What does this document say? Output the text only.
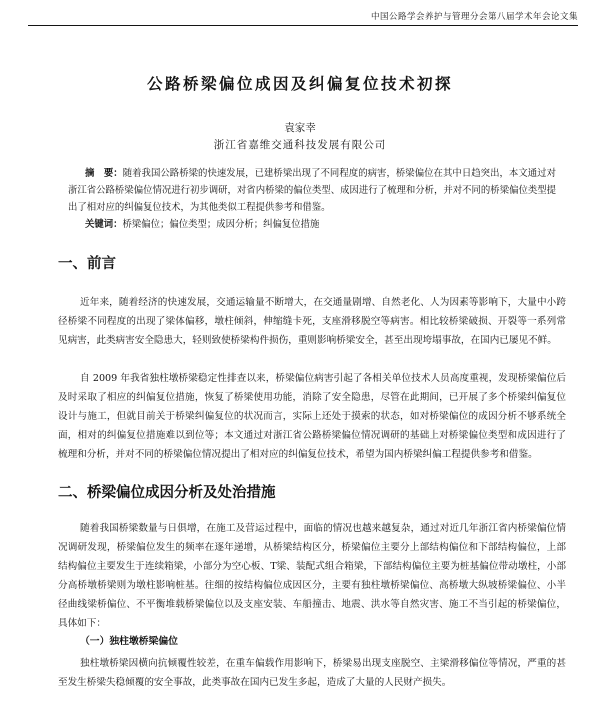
中国公路学会养护与管理分会第八届学术年会论文集
公路桥梁偏位成因及纠偏复位技术初探
袁家幸
浙江省嘉维交通科技发展有限公司

摘　要：随着我国公路桥梁的快速发展，已建桥梁出现了不同程度的病害，桥梁偏位在其中日趋突出，本文通过对浙江省公路桥梁偏位情况进行初步调研，对省内桥梁的偏位类型、成因进行了梳理和分析，并对不同的桥梁偏位类型提出了相对应的纠偏复位技术，为其他类似工程提供参考和借鉴。

关键词：桥梁偏位；偏位类型；成因分析；纠偏复位措施

一、前言

近年来，随着经济的快速发展，交通运输量不断增大，在交通量剧增、自然老化、人为因素等影响下，大量中小跨径桥梁不同程度的出现了梁体偏移，墩柱倾斜，伸缩缝卡死，支座滑移脱空等病害。相比较桥梁破损、开裂等一系列常见病害，此类病害安全隐患大，轻则致使桥梁构件损伤，重则影响桥梁安全，甚至出现垮塌事故，在国内已屡见不鲜。

自 2009 年我省独柱墩桥梁稳定性排查以来，桥梁偏位病害引起了各相关单位技术人员高度重视，发现桥梁偏位后及时采取了相应的纠偏复位措施，恢复了桥梁使用功能，消除了安全隐患，尽管在此期间，已开展了多个桥梁纠偏复位设计与施工，但就目前关于桥梁纠偏复位的状况而言，实际上还处于摸索的状态，如对桥梁偏位的成因分析不够系统全面，相对的纠偏复位措施难以到位等；本文通过对浙江省公路桥梁偏位情况调研的基础上对桥梁偏位类型和成因进行了梳理和分析，并对不同的桥梁偏位情况提出了相对应的纠偏复位技术，希望为国内桥梁纠偏工程提供参考和借鉴。

二、桥梁偏位成因分析及处治措施

随着我国桥梁数量与日俱增，在施工及营运过程中，面临的情况也越来越复杂，通过对近几年浙江省内桥梁偏位情况调研发现，桥梁偏位发生的频率在逐年递增，从桥梁结构区分，桥梁偏位主要分上部结构偏位和下部结构偏位，上部结构偏位主要发生于连续箱梁，小部分为空心板、T梁、装配式组合箱梁，下部结构偏位主要为桩基偏位带动墩柱，小部分高桥墩桥梁则为墩柱影响桩基。往细的按结构偏位成因区分，主要有独柱墩桥梁偏位、高桥墩大纵坡桥梁偏位、小半径曲线梁桥偏位、不平衡堆载桥梁偏位以及支座安装、车船撞击、地震、洪水等自然灾害、施工不当引起的桥梁偏位，具体如下：

（一）独柱墩桥梁偏位

独柱墩桥梁因横向抗倾覆性较差，在重车偏载作用影响下，桥梁易出现支座脱空、主梁滑移偏位等情况，严重的甚至发生桥梁失稳倾覆的安全事故，此类事故在国内已发生多起，造成了大量的人民财产损失。
